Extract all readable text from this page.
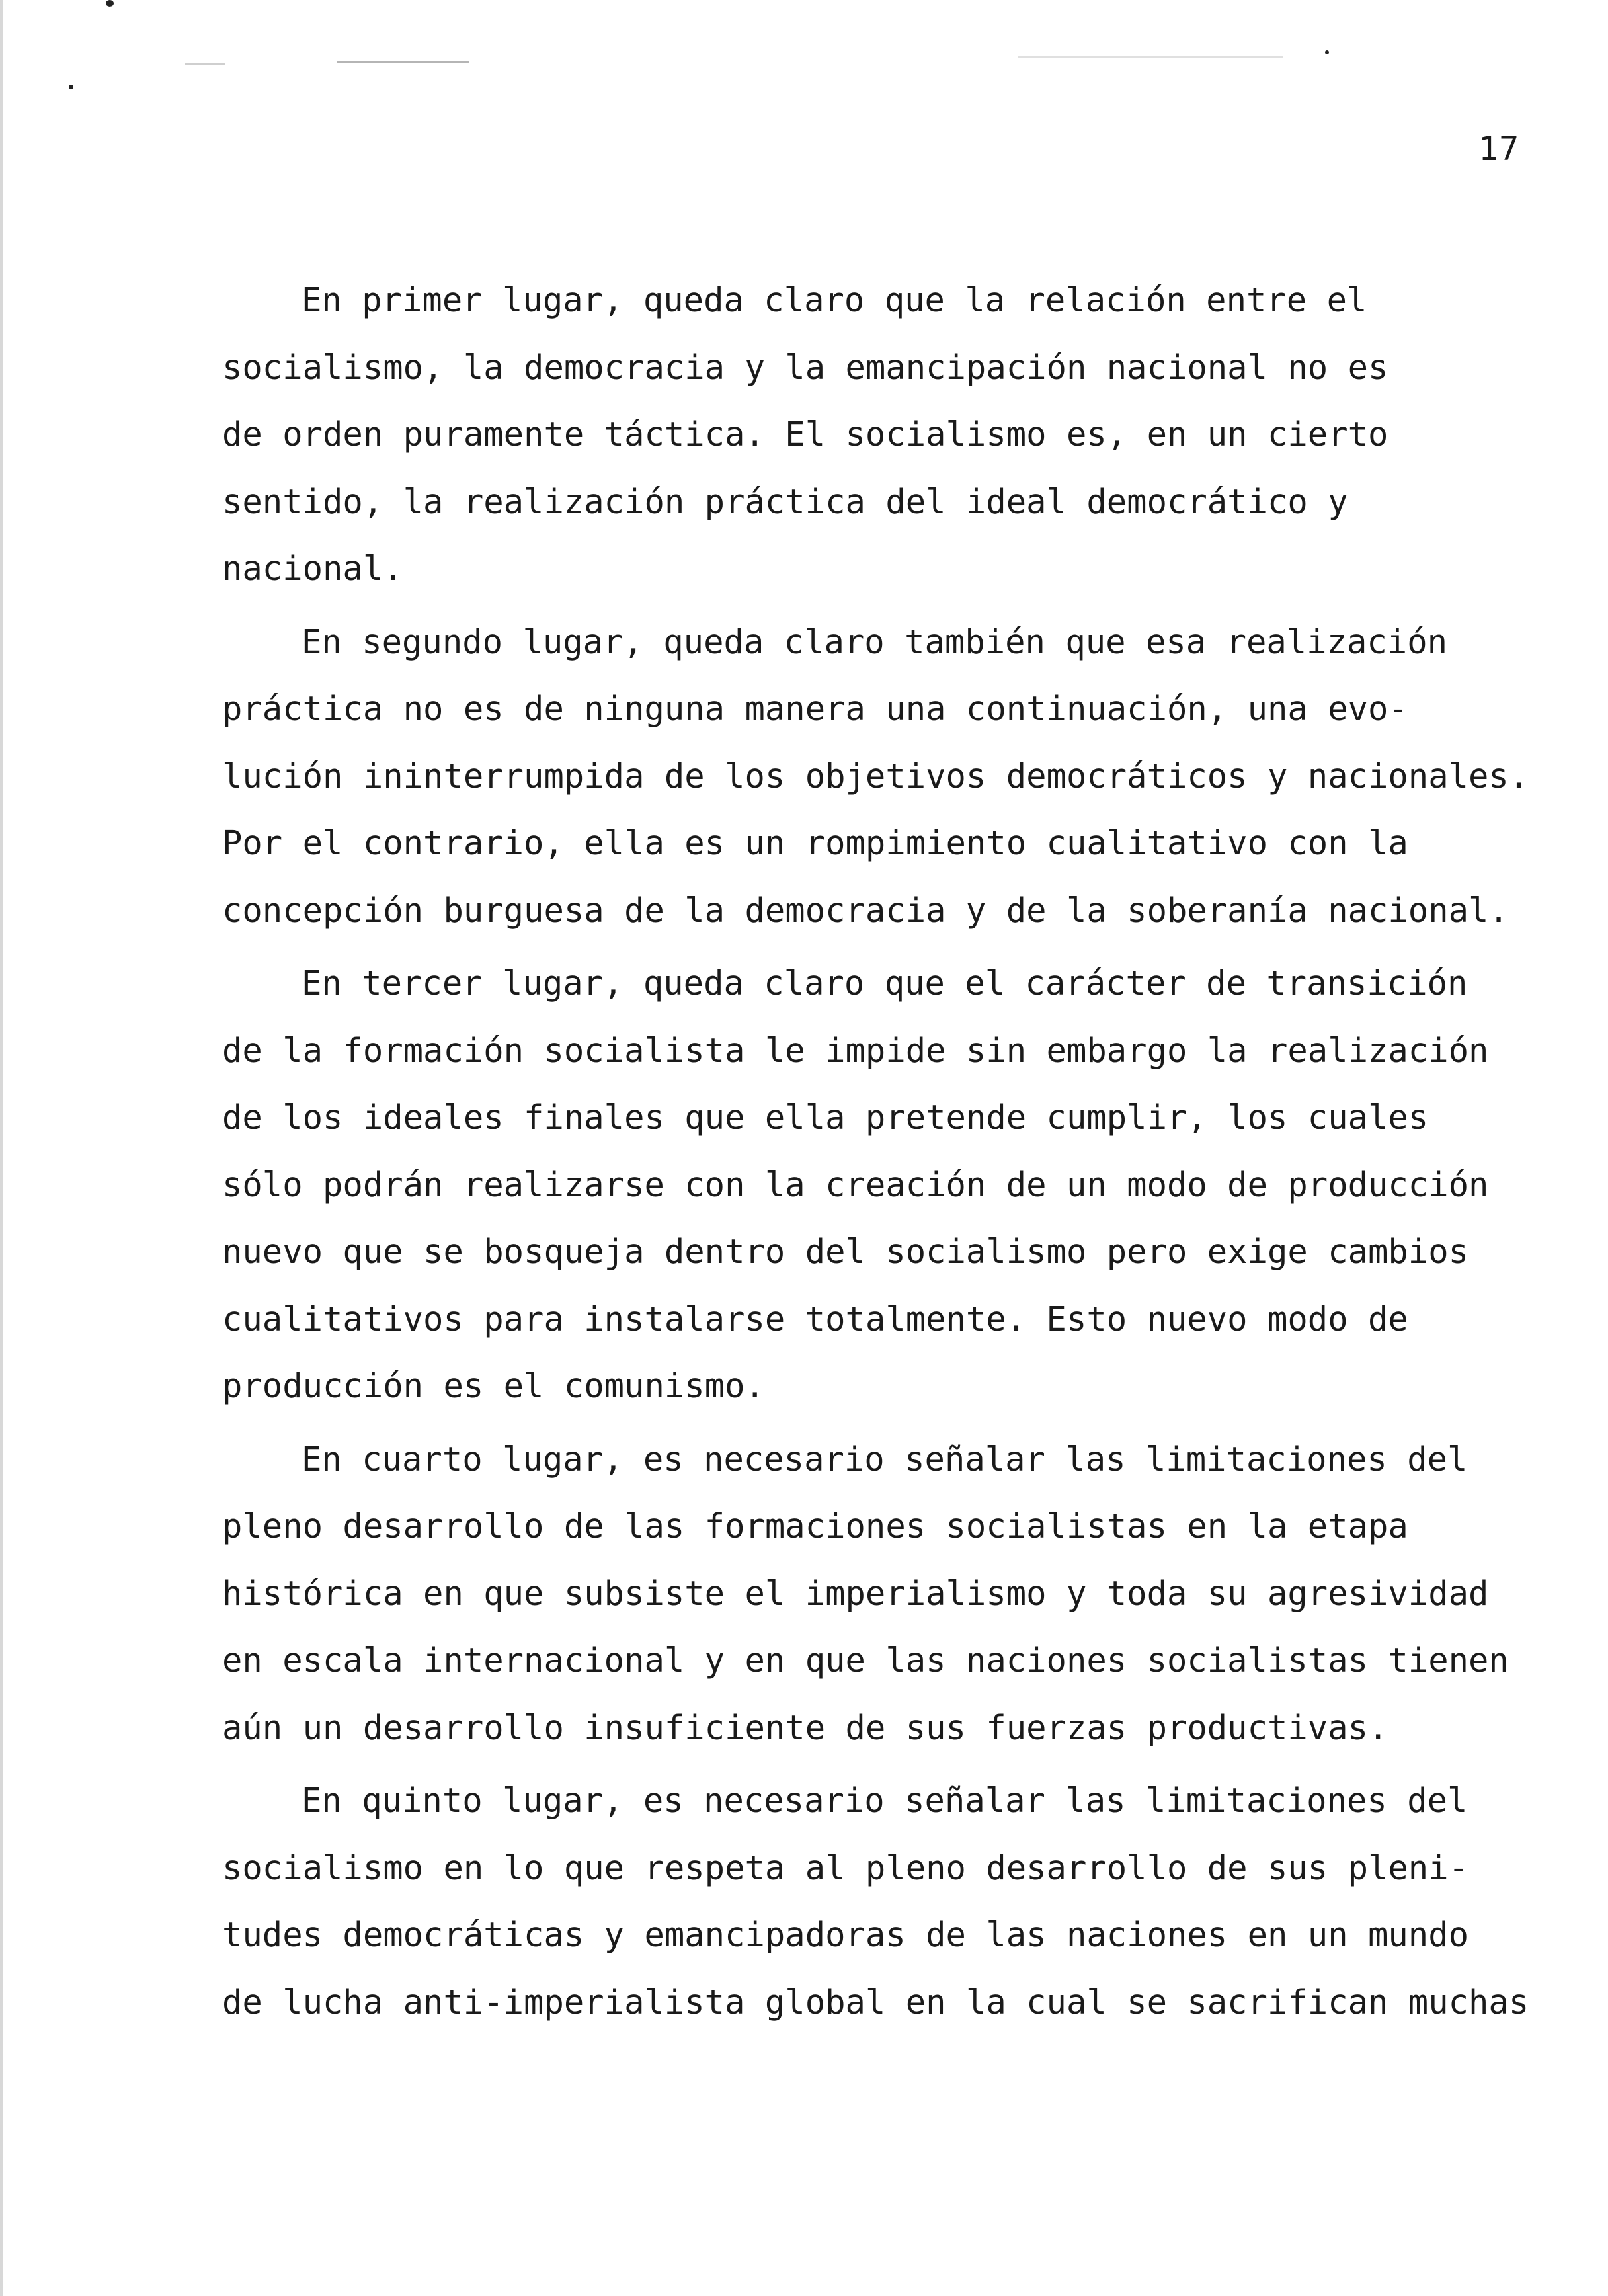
17

En primer lugar, queda claro que la relación entre el
socialismo, la democracia y la emancipación nacional no es
de orden puramente táctica. El socialismo es, en un cierto
sentido, la realización práctica del ideal democrático y
nacional.

En segundo lugar, queda claro también que esa realización
práctica no es de ninguna manera una continuación, una evo-
lución ininterrumpida de los objetivos democráticos y nacionales.
Por el contrario, ella es un rompimiento cualitativo con la
concepción burguesa de la democracia y de la soberanía nacional.

En tercer lugar, queda claro que el carácter de transición
de la formación socialista le impide sin embargo la realización
de los ideales finales que ella pretende cumplir, los cuales
sólo podrán realizarse con la creación de un modo de producción
nuevo que se bosqueja dentro del socialismo pero exige cambios
cualitativos para instalarse totalmente. Esto nuevo modo de
producción es el comunismo.

En cuarto lugar, es necesario señalar las limitaciones del
pleno desarrollo de las formaciones socialistas en la etapa
histórica en que subsiste el imperialismo y toda su agresividad
en escala internacional y en que las naciones socialistas tienen
aún un desarrollo insuficiente de sus fuerzas productivas.

En quinto lugar, es necesario señalar las limitaciones del
socialismo en lo que respeta al pleno desarrollo de sus pleni-
tudes democráticas y emancipadoras de las naciones en un mundo
de lucha anti-imperialista global en la cual se sacrifican muchas
